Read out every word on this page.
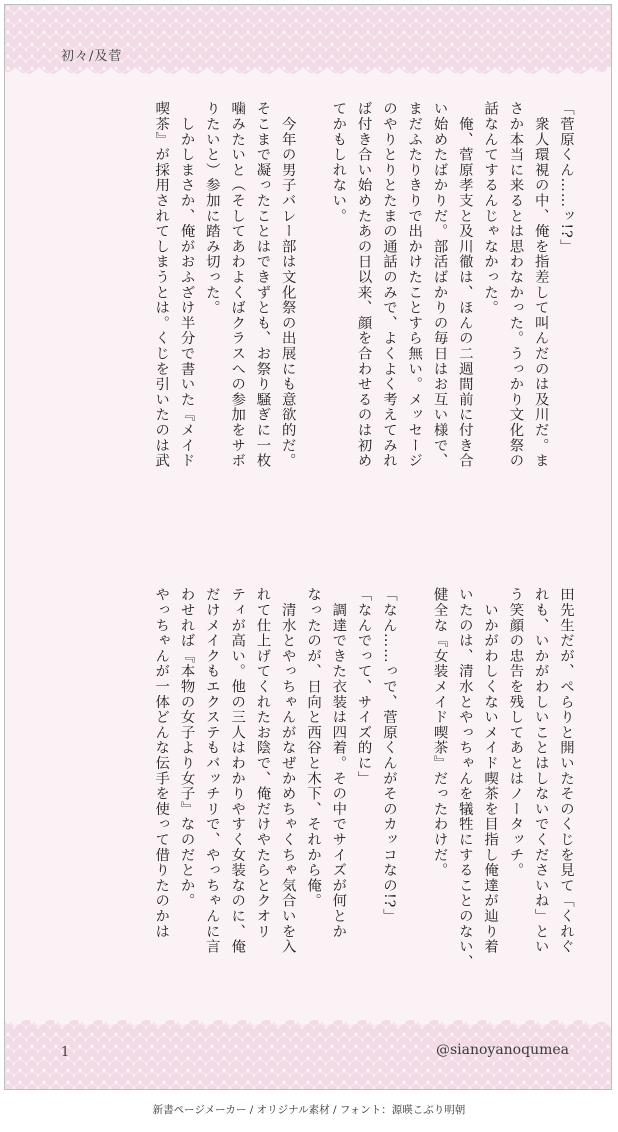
初々/及菅
「菅原くん……ッ!?」
　衆人環視の中、俺を指差して叫んだのは及川だ。ま
さか本当に来るとは思わなかった。うっかり文化祭の
話なんてするんじゃなかった。
　俺、菅原孝支と及川徹は、ほんの二週間前に付き合
い始めたばかりだ。部活ばかりの毎日はお互い様で、
まだふたりきりで出かけたことすら無い。メッセージ
のやりとりとたまの通話のみで、よくよく考えてみれ
ば付き合い始めたあの日以来、顔を合わせるのは初め
てかもしれない。
　今年の男子バレー部は文化祭の出展にも意欲的だ。
そこまで凝ったことはできずとも、お祭り騒ぎに一枚
噛みたいと（そしてあわよくばクラスへの参加をサボ
りたいと）参加に踏み切った。
　しかしまさか、俺がおふざけ半分で書いた『メイド
喫茶』が採用されてしまうとは。くじを引いたのは武
田先生だが、ぺらりと開いたそのくじを見て「くれぐ
れも、いかがわしいことはしないでくださいね」とい
う笑顔の忠告を残してあとはノータッチ。
　いかがわしくないメイド喫茶を目指し俺達が辿り着
いたのは、清水とやっちゃんを犠牲にすることのない、
健全な『女装メイド喫茶』だったわけだ。
「なん……っで、菅原くんがそのカッコなの!?」
「なんでって、サイズ的に」
　調達できた衣装は四着。その中でサイズが何とか
なったのが、日向と西谷と木下、それから俺。
　清水とやっちゃんがなぜかめちゃくちゃ気合いを入
れて仕上げてくれたお陰で、俺だけやたらとクオリ
ティが高い。他の三人はわかりやすく女装なのに、俺
だけメイクもエクステもバッチリで、やっちゃんに言
わせれば『本物の女子より女子』なのだとか。
やっちゃんが一体どんな伝手を使って借りたのかは
1	@sianoyanoqumea
新書ページメーカー / オリジナル素材 / フォント：源暎こぶり明朝
